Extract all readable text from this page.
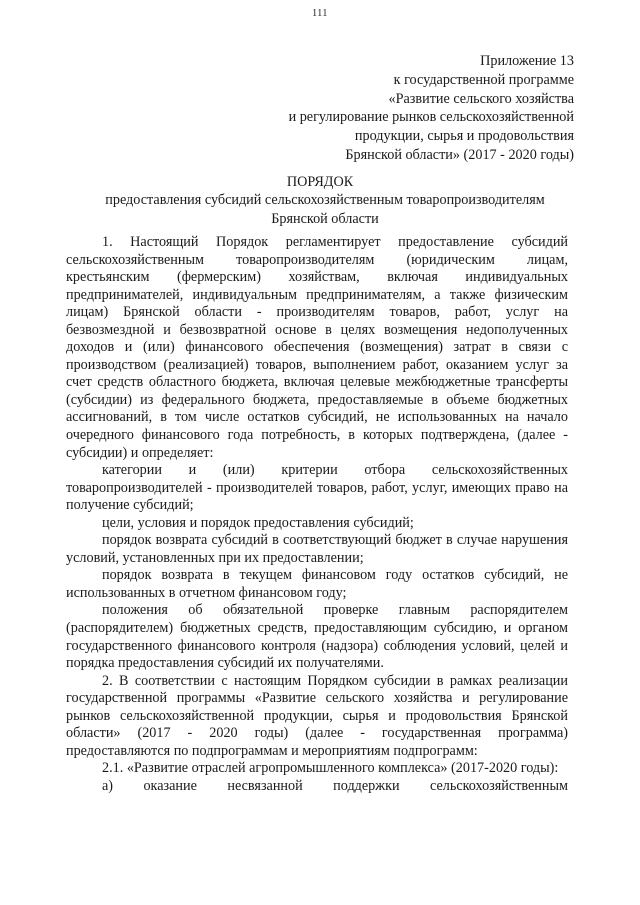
111
Приложение 13
к государственной программе
«Развитие сельского хозяйства
и регулирование рынков сельскохозяйственной
продукции, сырья и продовольствия
Брянской области» (2017 - 2020 годы)
ПОРЯДОК
предоставления субсидий сельскохозяйственным товаропроизводителям Брянской области

1. Настоящий Порядок регламентирует предоставление субсидий сельскохозяйственным товаропроизводителям (юридическим лицам, крестьянским (фермерским) хозяйствам, включая индивидуальных предпринимателей, индивидуальным предпринимателям, а также физическим лицам) Брянской области - производителям товаров, работ, услуг на безвозмездной и безвозвратной основе в целях возмещения недополученных доходов и (или) финансового обеспечения (возмещения) затрат в связи с производством (реализацией) товаров, выполнением работ, оказанием услуг за счет средств областного бюджета, включая целевые межбюджетные трансферты (субсидии) из федерального бюджета, предоставляемые в объеме бюджетных ассигнований, в том числе остатков субсидий, не использованных на начало очередного финансового года потребность, в которых подтверждена, (далее - субсидии) и определяет:

категории и (или) критерии отбора сельскохозяйственных товаропроизводителей - производителей товаров, работ, услуг, имеющих право на получение субсидий;

цели, условия и порядок предоставления субсидий;

порядок возврата субсидий в соответствующий бюджет в случае нарушения условий, установленных при их предоставлении;

порядок возврата в текущем финансовом году остатков субсидий, не использованных в отчетном финансовом году;

положения об обязательной проверке главным распорядителем (распорядителем) бюджетных средств, предоставляющим субсидию, и органом государственного финансового контроля (надзора) соблюдения условий, целей и порядка предоставления субсидий их получателями.

2. В соответствии с настоящим Порядком субсидии в рамках реализации государственной программы «Развитие сельского хозяйства и регулирование рынков сельскохозяйственной продукции, сырья и продовольствия Брянской области» (2017 - 2020 годы) (далее - государственная программа) предоставляются по подпрограммам и мероприятиям подпрограмм:

2.1. «Развитие отраслей агропромышленного комплекса» (2017-2020 годы):

а) оказание несвязанной поддержки сельскохозяйственным
